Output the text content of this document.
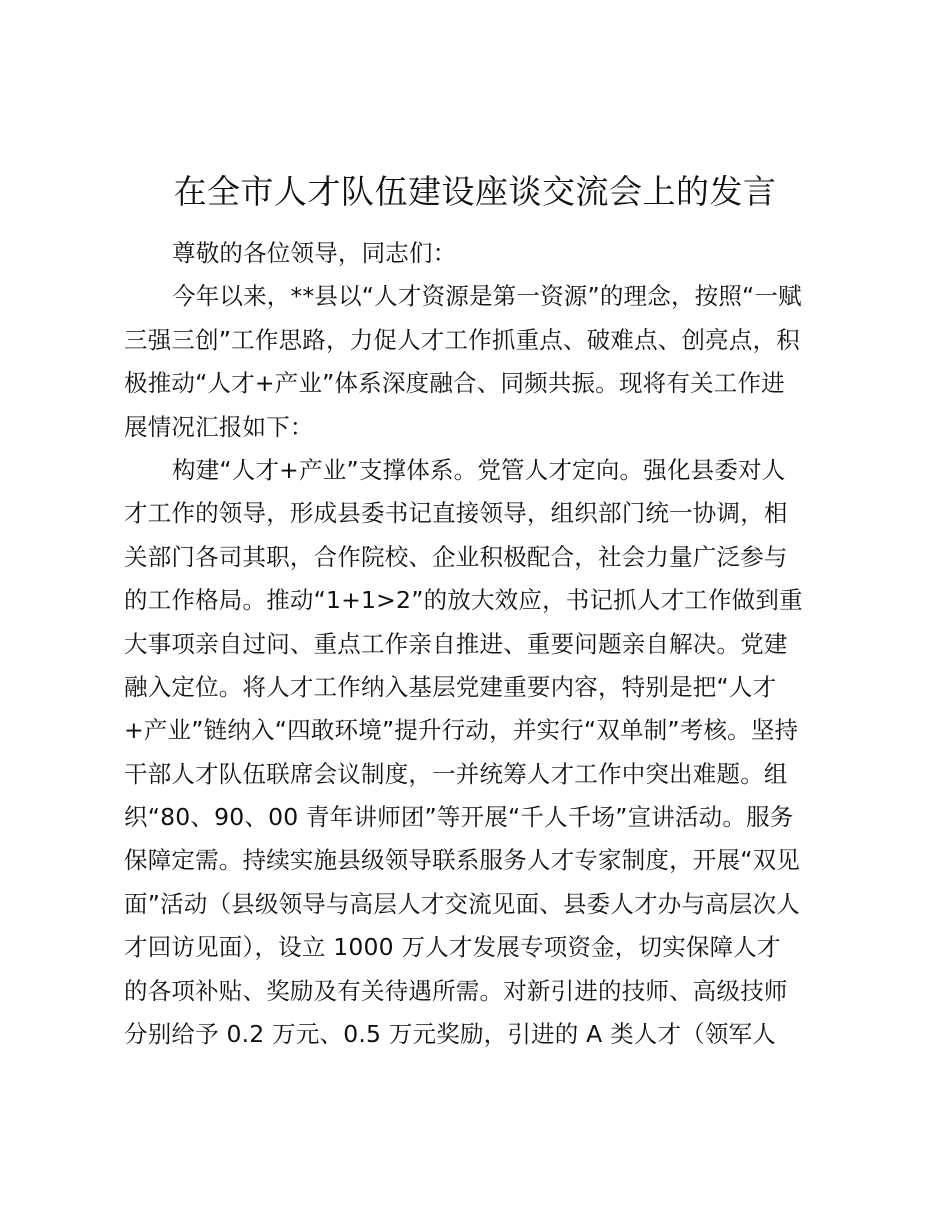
在全市人才队伍建设座谈交流会上的发言
尊敬的各位领导，同志们：
今年以来，**县以“人才资源是第一资源”的理念，按照“一赋
三强三创”工作思路，力促人才工作抓重点、破难点、创亮点，积
极推动“人才+产业”体系深度融合、同频共振。现将有关工作进
展情况汇报如下：
构建“人才+产业”支撑体系。党管人才定向。强化县委对人
才工作的领导，形成县委书记直接领导，组织部门统一协调，相
关部门各司其职，合作院校、企业积极配合，社会力量广泛参与
的工作格局。推动“1+1>2”的放大效应，书记抓人才工作做到重
大事项亲自过问、重点工作亲自推进、重要问题亲自解决。党建
融入定位。将人才工作纳入基层党建重要内容，特别是把“人才
+产业”链纳入“四敢环境”提升行动，并实行“双单制”考核。坚持
干部人才队伍联席会议制度，一并统筹人才工作中突出难题。组
织“80、90、00 青年讲师团”等开展“千人千场”宣讲活动。服务
保障定需。持续实施县级领导联系服务人才专家制度，开展“双见
面”活动（县级领导与高层人才交流见面、县委人才办与高层次人
才回访见面），设立 1000 万人才发展专项资金，切实保障人才
的各项补贴、奖励及有关待遇所需。对新引进的技师、高级技师
分别给予 0.2 万元、0.5 万元奖励，引进的 A 类人才（领军人
